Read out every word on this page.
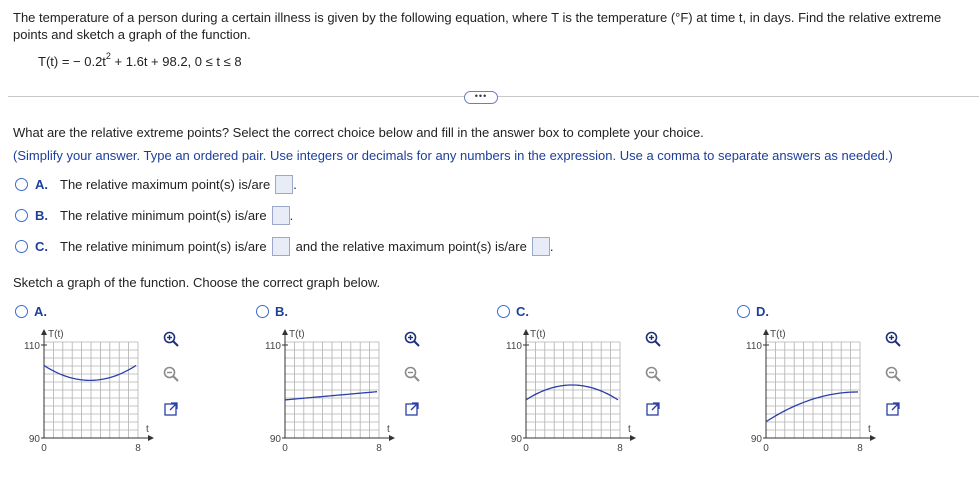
The temperature of a person during a certain illness is given by the following equation, where T is the temperature (°F) at time t, in days. Find the relative extreme points and sketch a graph of the function.
T(t) = − $0.2t^2 + 1.6t + 98.2$, 0 ≤ t ≤ 8
•••
What are the relative extreme points? Select the correct choice below and fill in the answer box to complete your choice.
(Simplify your answer. Type an ordered pair. Use integers or decimals for any numbers in the expression. Use a comma to separate answers as needed.)
A. The relative maximum point(s) is/are .
B. The relative minimum point(s) is/are .
C. The relative minimum point(s) is/are and the relative maximum point(s) is/are .
Sketch a graph of the function. Choose the correct graph below.
A.
T(t)
110
90
0	8
t
B.
T(t)
110
90
0	8
t
C.
T(t)
110
90
0	8
t
D.
T(t)
110
90
0	8
t
